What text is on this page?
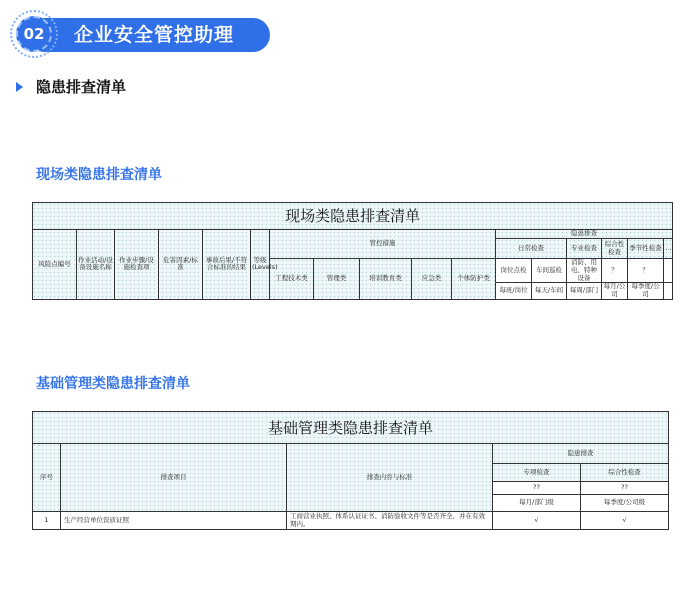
02	企业安全管控助理
隐患排查清单
现场类隐患排查清单
现场类隐患排查清单																
风险点编号	作业活动/设备设施名称	作业步骤/设施检查项	危害因素/标准	事故后果/不符合标准的结果	等级(Levels)	管控措施					隐患排查					
											日常检查		专业检查	综合性检查	季节性检查	…
						工程技术类	管理类	培训教育类	应急类	个体防护类	岗位点检	车间巡检	消防、用电、特种设备	？	？	
											每班/岗位	每天/车间	每周/部门	每月/公司	每季度/公司	
基础管理类隐患排查清单
基础管理类隐患排查清单				
序号	排查项目	排查内容与标准	隐患排查	
			专项检查	综合性检查
			??	??
			每月/部门级	每季度/公司级
1	生产经营单位资质证照	工商营业执照、体系认证证书、消防验收文件等是否齐全、并在有效期内。	√	√
